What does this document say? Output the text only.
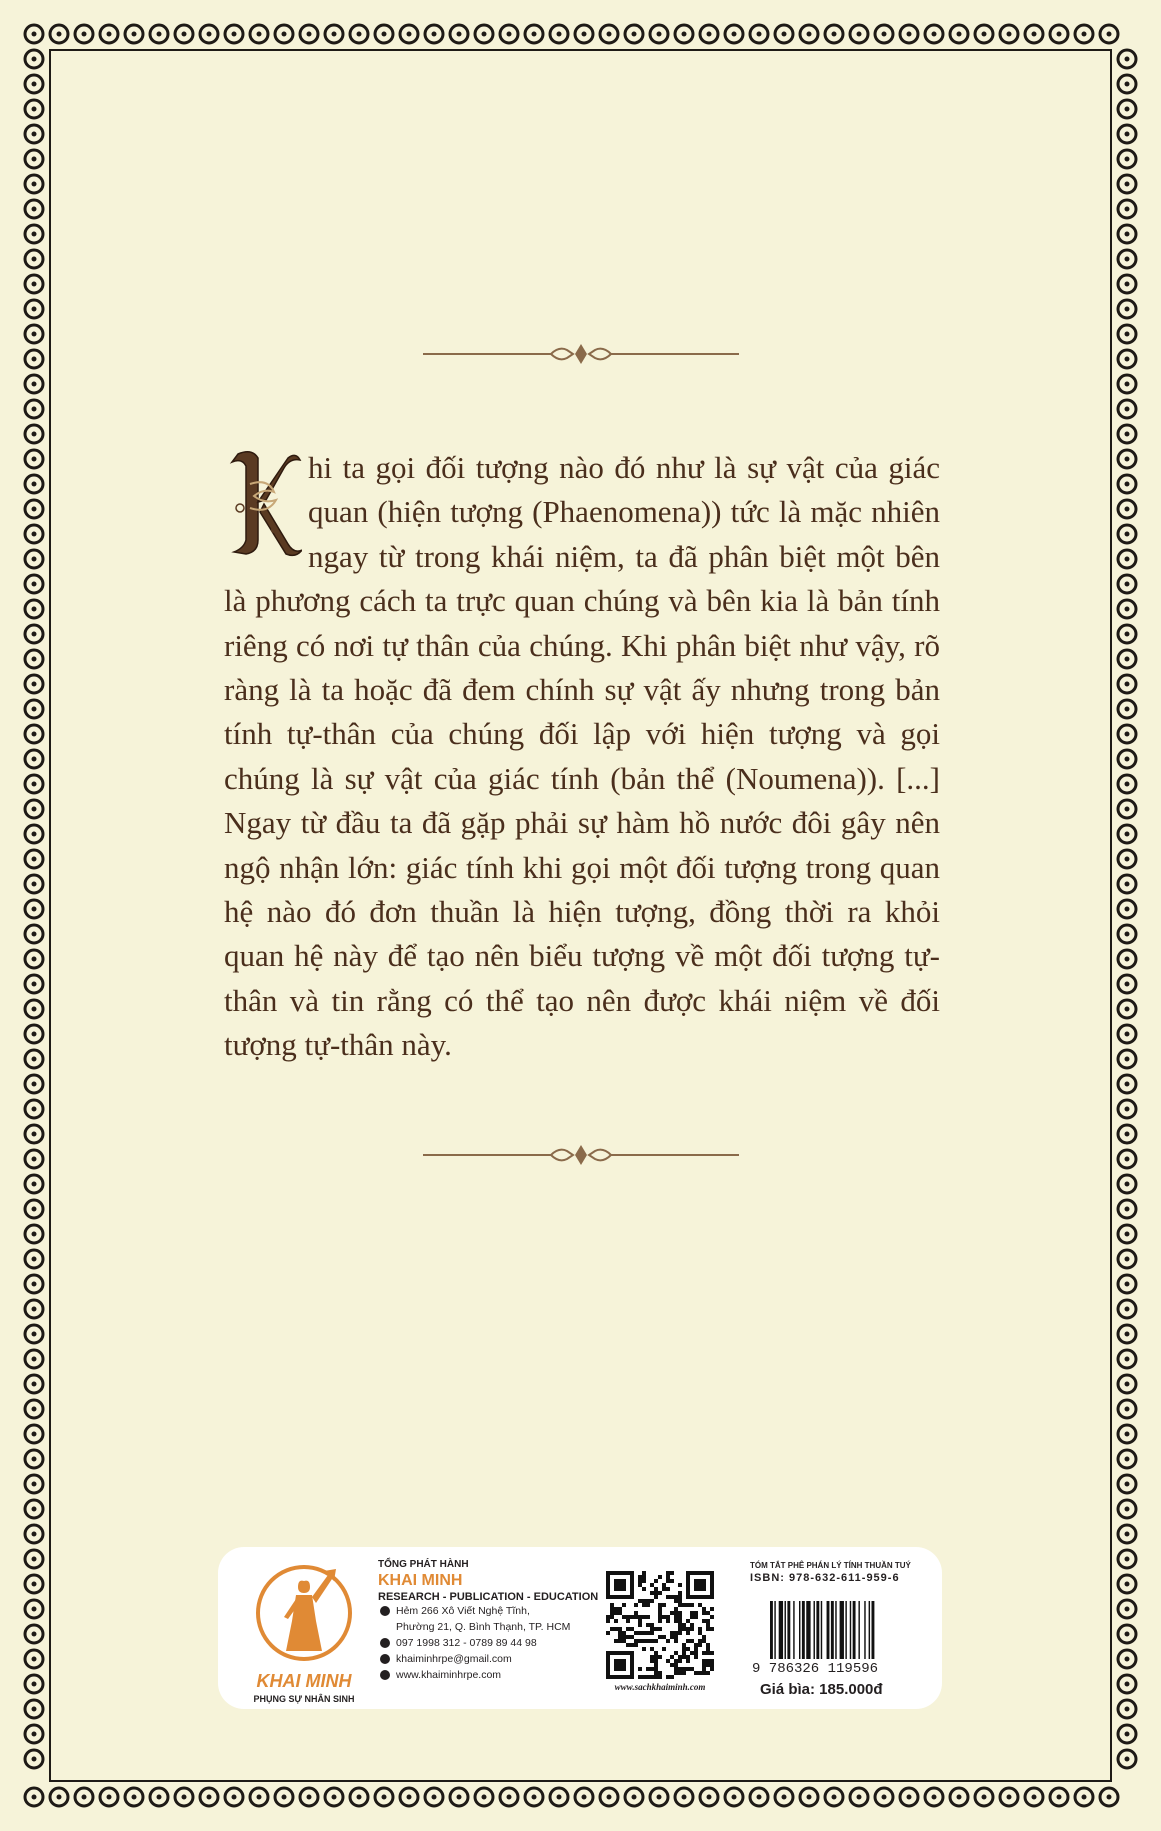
hi ta gọi đối tượng nào đó như là sự vật của giác quan (hiện tượng (Phaenomena)) tức là mặc nhiên ngay từ trong khái niệm, ta đã phân biệt một bên là phương cách ta trực quan chúng và bên kia là bản tính riêng có nơi tự thân của chúng. Khi phân biệt như vậy, rõ ràng là ta hoặc đã đem chính sự vật ấy nhưng trong bản tính tự-thân của chúng đối lập với hiện tượng và gọi chúng là sự vật của giác tính (bản thể (Noumena)). [...] Ngay từ đầu ta đã gặp phải sự hàm hồ nước đôi gây nên ngộ nhận lớn: giác tính khi gọi một đối tượng trong quan hệ nào đó đơn thuần là hiện tượng, đồng thời ra khỏi quan hệ này để tạo nên biểu tượng về một đối tượng tự-thân và tin rằng có thể tạo nên được khái niệm về đối tượng tự-thân này.
KHAI MINH
PHỤNG SỰ NHÂN SINH
TỔNG PHÁT HÀNH
KHAI MINH
RESEARCH - PUBLICATION - EDUCATION
Hẻm 266 Xô Viết Nghệ Tĩnh,
Phường 21, Q. Bình Thạnh, TP. HCM
097 1998 312 - 0789 89 44 98
khaiminhrpe@gmail.com
www.khaiminhrpe.com
www.sachkhaiminh.com
TÓM TẮT PHÊ PHÁN LÝ TÍNH THUẦN TUÝ
ISBN: 978-632-611-959-6
9 786326 119596
Giá bìa: 185.000đ
